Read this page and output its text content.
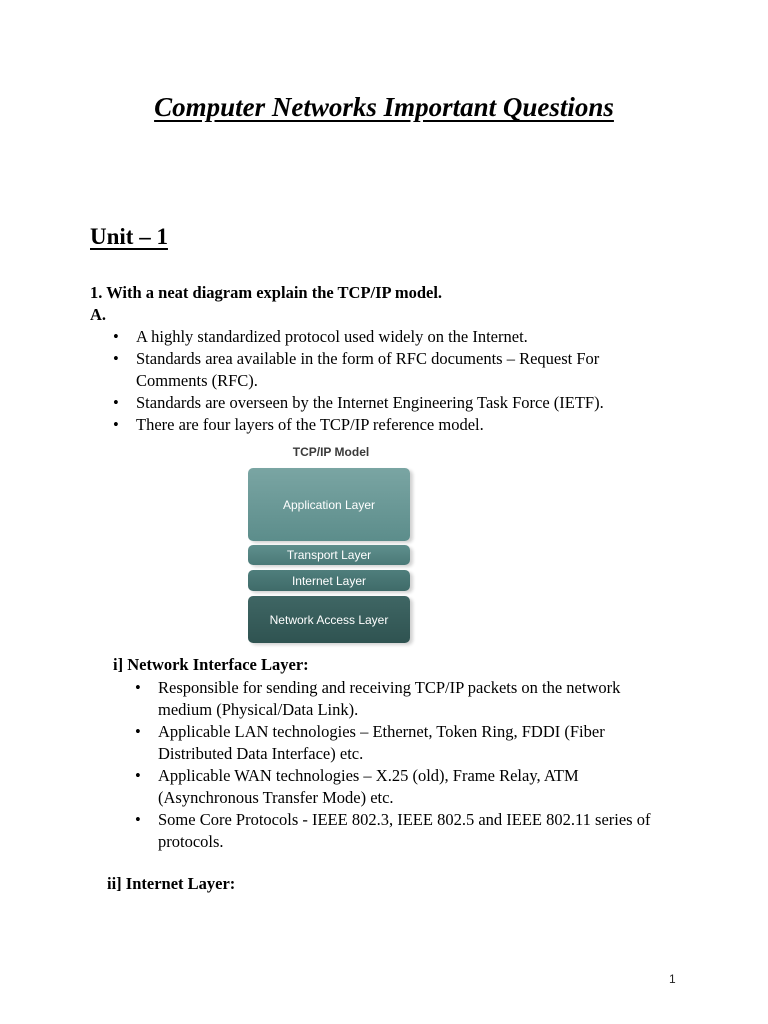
Computer Networks Important Questions
Unit – 1

1. With a neat diagram explain the TCP/IP model.

A.

• A highly standardized protocol used widely on the Internet.
• Standards area available in the form of RFC documents – Request For Comments (RFC).
• Standards are overseen by the Internet Engineering Task Force (IETF).
• There are four layers of the TCP/IP reference model.
TCP/IP Model
Application Layer
Transport Layer
Internet Layer
Network Access Layer

i] Network Interface Layer:

• Responsible for sending and receiving TCP/IP packets on the network medium (Physical/Data Link).
• Applicable LAN technologies – Ethernet, Token Ring, FDDI (Fiber Distributed Data Interface) etc.
• Applicable WAN technologies – X.25 (old), Frame Relay, ATM (Asynchronous Transfer Mode) etc.
• Some Core Protocols - IEEE 802.3, IEEE 802.5 and IEEE 802.11 series of protocols.

ii] Internet Layer:

1
